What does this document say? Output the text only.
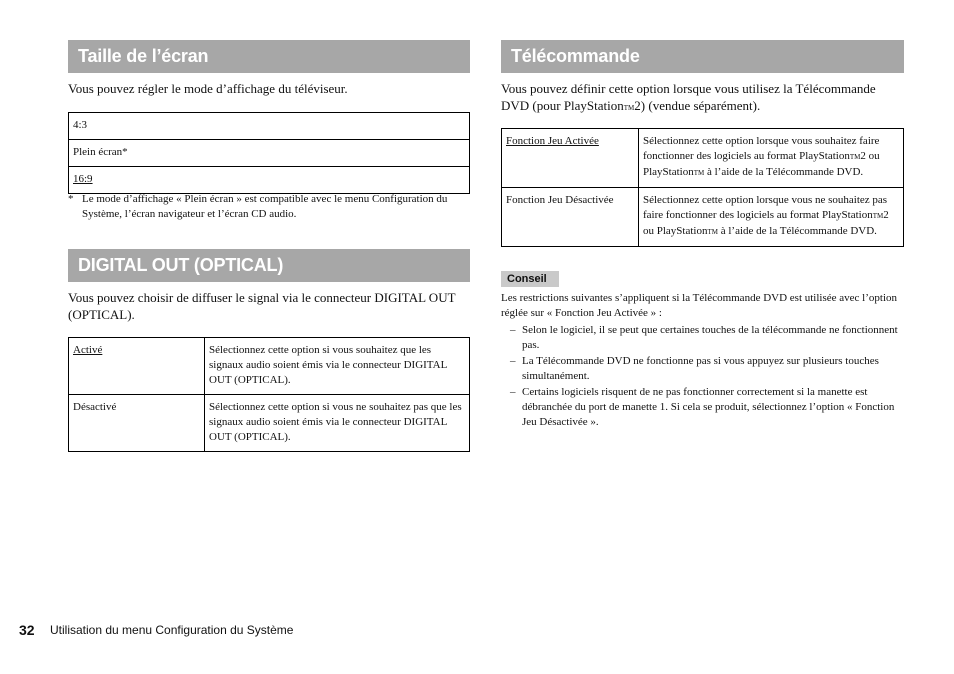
Taille de l’écran
Vous pouvez régler le mode d’affichage du téléviseur.
4:3
Plein écran*
16:9
* Le mode d’affichage « Plein écran » est compatible avec le menu Configuration du Système, l’écran navigateur et l’écran CD audio.
DIGITAL OUT (OPTICAL)
Vous pouvez choisir de diffuser le signal via le connecteur DIGITAL OUT (OPTICAL).
Activé	Sélectionnez cette option si vous souhaitez que les signaux audio soient émis via le connecteur DIGITAL OUT (OPTICAL).
Désactivé	Sélectionnez cette option si vous ne souhaitez pas que les signaux audio soient émis via le connecteur DIGITAL OUT (OPTICAL).
Télécommande
Vous pouvez définir cette option lorsque vous utilisez la Télécommande DVD (pour PlayStationTM2) (vendue séparément).
Fonction Jeu Activée	Sélectionnez cette option lorsque vous souhaitez faire fonctionner des logiciels au format PlayStationTM2 ou PlayStationTM à l’aide de la Télécommande DVD.
Fonction Jeu Désactivée	Sélectionnez cette option lorsque vous ne souhaitez pas faire fonctionner des logiciels au format PlayStationTM2 ou PlayStationTM à l’aide de la Télécommande DVD.
Conseil
Les restrictions suivantes s’appliquent si la Télécommande DVD est utilisée avec l’option réglée sur « Fonction Jeu Activée » :
– Selon le logiciel, il se peut que certaines touches de la télécommande ne fonctionnent pas.
– La Télécommande DVD ne fonctionne pas si vous appuyez sur plusieurs touches simultanément.
– Certains logiciels risquent de ne pas fonctionner correctement si la manette est débranchée du port de manette 1. Si cela se produit, sélectionnez l’option « Fonction Jeu Désactivée ».
32 Utilisation du menu Configuration du Système
